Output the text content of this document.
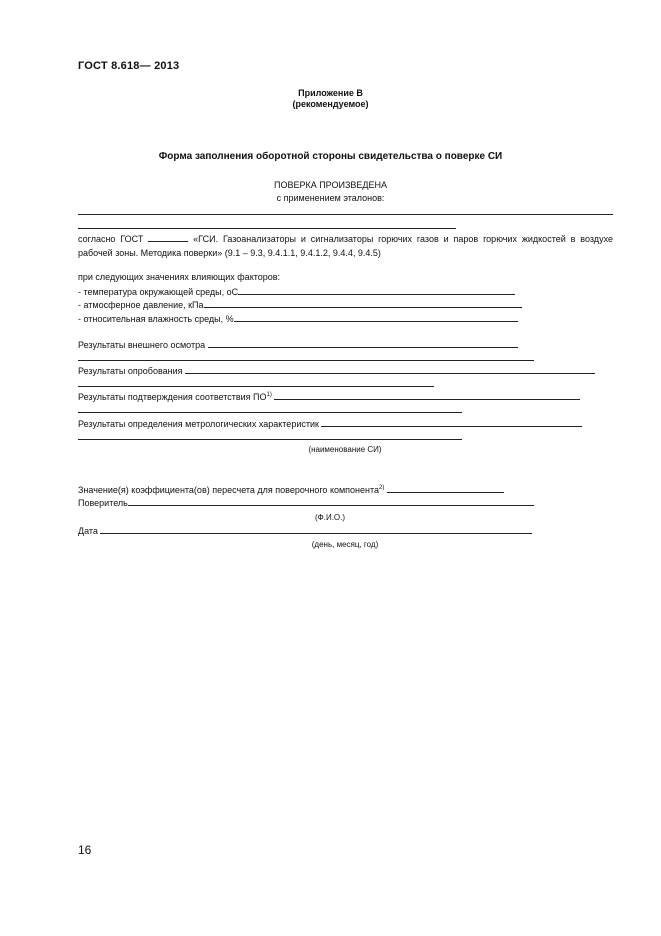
ГОСТ 8.618— 2013
Приложение В
(рекомендуемое)
Форма заполнения оборотной стороны свидетельства о поверке СИ
ПОВЕРКА ПРОИЗВЕДЕНА
с применением эталонов:
согласно ГОСТ	«ГСИ. Газоанализаторы и сигнализаторы горючих газов и паров горючих жидкостей в воздухе рабочей зоны. Методика поверки» (9.1 – 9.3, 9.4.1.1, 9.4.1.2, 9.4.4, 9.4.5)
при следующих значениях влияющих факторов:
- температура окружающей среды, оС
- атмосферное давление, кПа
- относительная влажность среды, %
Результаты внешнего осмотра
Результаты опробования
Результаты подтверждения соответствия ПО$^{1)}$
Результаты определения метрологических характеристик
(наименование СИ)
Значение(я) коэффициента(ов) пересчета для поверочного компонента$^{2)}$
Поверитель
(Ф.И.О.)
Дата
(день, месяц, год)
16
